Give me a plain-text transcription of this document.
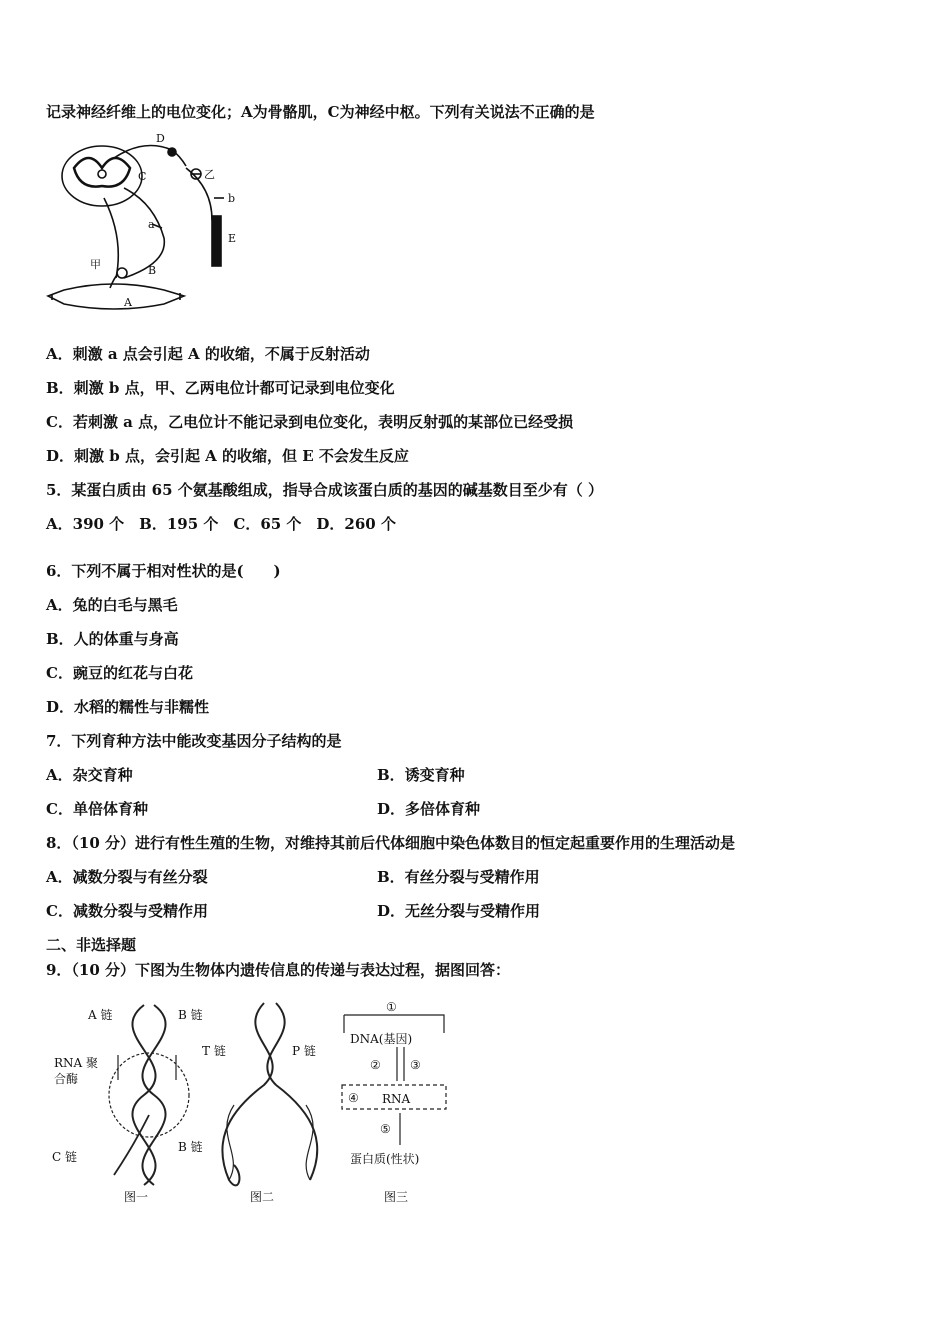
记录神经纤维上的电位变化；A为骨骼肌，C为神经中枢。下列有关说法不正确的是
D
C	乙
b
E
a
甲	B
A
A．刺激 a 点会引起 A 的收缩，不属于反射活动
B．刺激 b 点，甲、乙两电位计都可记录到电位变化
C．若刺激 a 点，乙电位计不能记录到电位变化，表明反射弧的某部位已经受损
D．刺激 b 点，会引起 A 的收缩，但 E 不会发生反应
5．某蛋白质由 65 个氨基酸组成，指导合成该蛋白质的基因的碱基数目至少有（ ）
A．390 个　B．195 个　C．65 个　D．260 个
6．下列不属于相对性状的是(　　)
A．兔的白毛与黑毛
B．人的体重与身高
C．豌豆的红花与白花
D．水稻的糯性与非糯性
7．下列育种方法中能改变基因分子结构的是
A．杂交育种	B．诱变育种
C．单倍体育种	D．多倍体育种
8．（10 分）进行有性生殖的生物，对维持其前后代体细胞中染色体数目的恒定起重要作用的生理活动是
A．减数分裂与有丝分裂	B．有丝分裂与受精作用
C．减数分裂与受精作用	D．无丝分裂与受精作用
二、非选择题
9．（10 分）下图为生物体内遗传信息的传递与表达过程，据图回答：
A 链	B 链
RNA 聚
合酶
C 链
B 链
T 链	P 链
①
DNA(基因)
② ③
④ RNA
⑤
蛋白质(性状)
图一	图二	图三
